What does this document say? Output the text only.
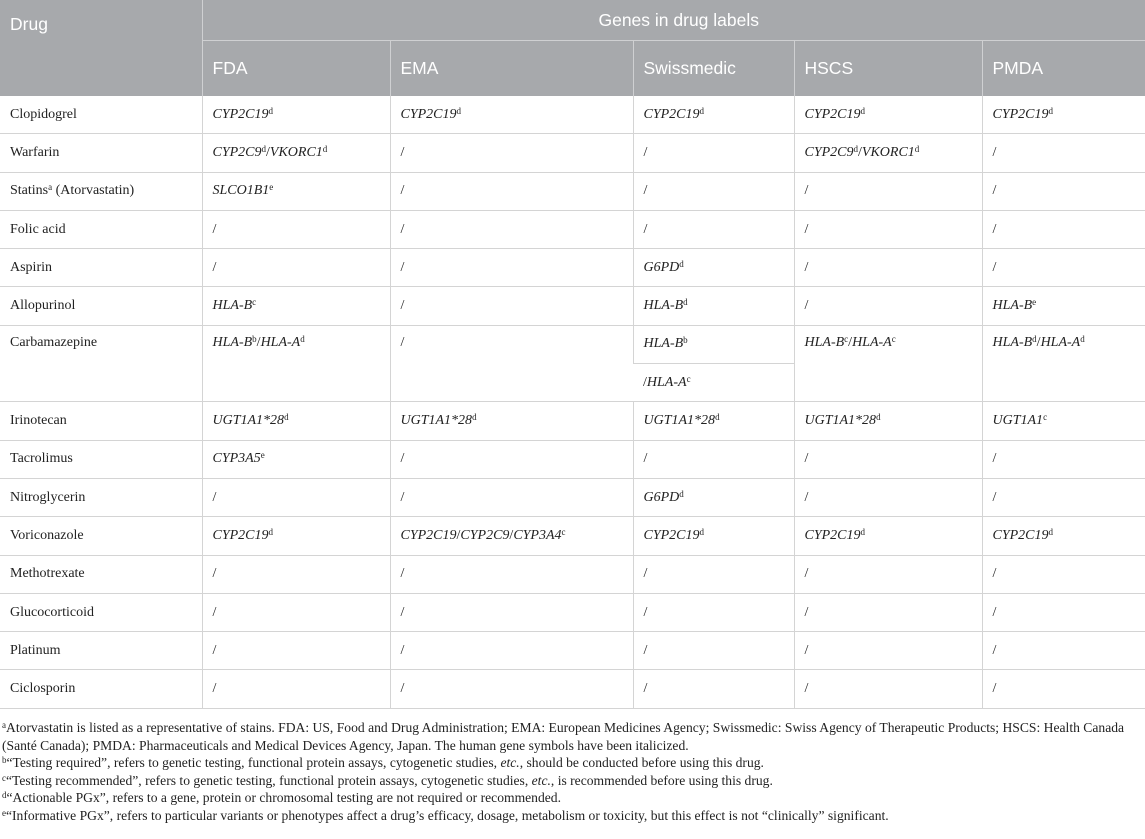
Drug	Genes in drug labels				
	FDA	EMA	Swissmedic	HSCS	PMDA
Clopidogrel	CYP2C19$^d$	CYP2C19$^d$	CYP2C19$^d$	CYP2C19$^d$	CYP2C19$^d$
Warfarin	CYP2C9$^d$/VKORC1$^d$	/	/	CYP2C9$^d$/VKORC1$^d$	/
Statins$^a$ (Atorvastatin)	SLCO1B1e	/	/	/	/
Folic acid	/	/	/	/	/
Aspirin	/	/	$G6PD^d$	/	/
Allopurinol	HLA-$B^c$	/	HLA-$B^d$	/	HLA-$B^e$
Carbamazepine	HLA-$B^b/HLA-A^d$	/	HLA-$B^b$	HLA-$B^c/HLA-A^c$	HLA-$B^d/HLA-A^d$
			$/HLA-A^c$
Irinotecan	UGT1A1*28$^d$	UGT1A1*28$^d$	UGT1A1*28$^d$	UGT1A1*28$^d$	UGT1A1$^c$
Tacrolimus	CYP3A5e	/	/	/	/
Nitroglycerin	/	/	$G6PD^d$	/	/
Voriconazole	CYP2C19$^d$	CYP2C19/CYP2C9/CYP3A4$^c$	CYP2C19$^d$	CYP2C19$^d$	CYP2C19$^d$
Methotrexate	/	/	/	/	/
Glucocorticoid	/	/	/	/	/
Platinum	/	/	/	/	/
Ciclosporin	/	/	/	/	/

$^a$Atorvastatin is listed as a representative of stains. FDA: US, Food and Drug Administration; EMA: European Medicines Agency; Swissmedic: Swiss Agency of Therapeutic Products; HSCS: Health Canada (Santé Canada); PMDA: Pharmaceuticals and Medical Devices Agency, Japan. The human gene symbols have been italicized.

$^b$“Testing required”, refers to genetic testing, functional protein assays, cytogenetic studies, etc., should be conducted before using this drug.

$^c$“Testing recommended”, refers to genetic testing, functional protein assays, cytogenetic studies, etc., is recommended before using this drug.

$^d$“Actionable PGx”, refers to a gene, protein or chromosomal testing are not required or recommended.

$^e$“Informative PGx”, refers to particular variants or phenotypes affect a drug’s efficacy, dosage, metabolism or toxicity, but this effect is not “clinically” significant.
